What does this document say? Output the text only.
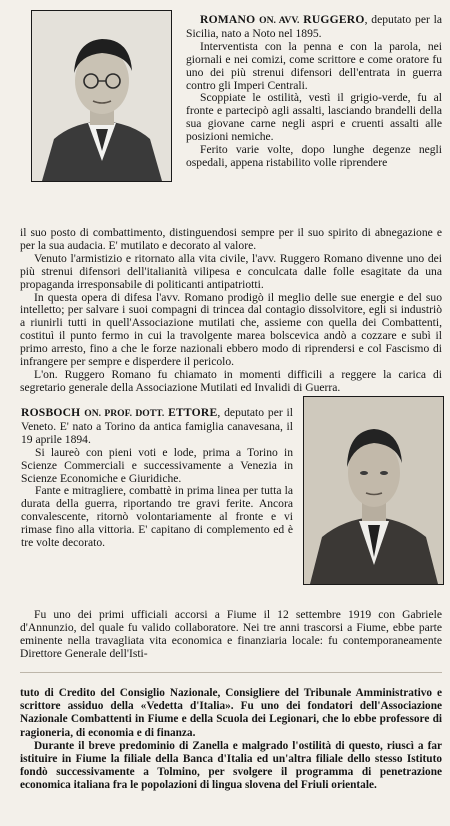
ROMANO ON. AVV. RUGGERO, deputato per la Sicilia, nato a Noto nel 1895.

Interventista con la penna e con la parola, nei giornali e nei comizi, come scrittore e come oratore fu uno dei più strenui difensori dell'entrata in guerra contro gli Imperi Centrali.

Scoppiate le ostilità, vestì il grigio-verde, fu al fronte e partecipò agli assalti, lasciando brandelli della sua giovane carne negli aspri e cruenti assalti alle posizioni nemiche.

Ferito varie volte, dopo lunghe degenze negli ospedali, appena ristabilito volle riprendere

il suo posto di combattimento, distinguendosi sempre per il suo spirito di abnegazione e per la sua audacia. E' mutilato e decorato al valore.

Venuto l'armistizio e ritornato alla vita civile, l'avv. Ruggero Romano divenne uno dei più strenui difensori dell'italianità vilipesa e conculcata dalle folle esagitate da una propaganda irresponsabile di politicanti antipatriotti.

In questa opera di difesa l'avv. Romano prodigò il meglio delle sue energie e del suo intelletto; per salvare i suoi compagni di trincea dal contagio dissolvitore, egli si industriò a riunirli tutti in quell'Associazione mutilati che, assieme con quella dei Combattenti, costituì il punto fermo in cui la travolgente marea bolscevica andò a cozzare e subì il primo arresto, fino a che le forze nazionali ebbero modo di riprendersi e col Fascismo di infrangere per sempre e disperdere il pericolo.

L'on. Ruggero Romano fu chiamato in momenti difficili a reggere la carica di segretario generale della Associazione Mutilati ed Invalidi di Guerra.

ROSBOCH ON. PROF. DOTT. ETTORE, deputato per il Veneto. E' nato a Torino da antica famiglia canavesana, il 19 aprile 1894.

Si laureò con pieni voti e lode, prima a Torino in Scienze Commerciali e successivamente a Venezia in Scienze Economiche e Giuridiche.

Fante e mitragliere, combattè in prima linea per tutta la durata della guerra, riportando tre gravi ferite. Ancora convalescente, ritornò volontariamente al fronte e vi rimase fino alla vittoria. E' capitano di complemento ed è tre volte decorato.

Fu uno dei primi ufficiali accorsi a Fiume il 12 settembre 1919 con Gabriele d'Annunzio, del quale fu valido collaboratore. Nei tre anni trascorsi a Fiume, ebbe parte eminente nella travagliata vita economica e finanziaria locale: fu contemporaneamente Direttore Generale dell'Isti-

tuto di Credito del Consiglio Nazionale, Consigliere del Tribunale Amministrativo e scrittore assiduo della «Vedetta d'Italia». Fu uno dei fondatori dell'Associazione Nazionale Combattenti in Fiume e della Scuola dei Legionari, che lo ebbe professore di ragioneria, di economia e di finanza.

Durante il breve predominio di Zanella e malgrado l'ostilità di questo, riuscì a far istituire in Fiume la filiale della Banca d'Italia ed un'altra filiale dello stesso Istituto fondò successivamente a Tolmino, per svolgere il programma di penetrazione economica italiana fra le popolazioni di lingua slovena del Friuli orientale.
